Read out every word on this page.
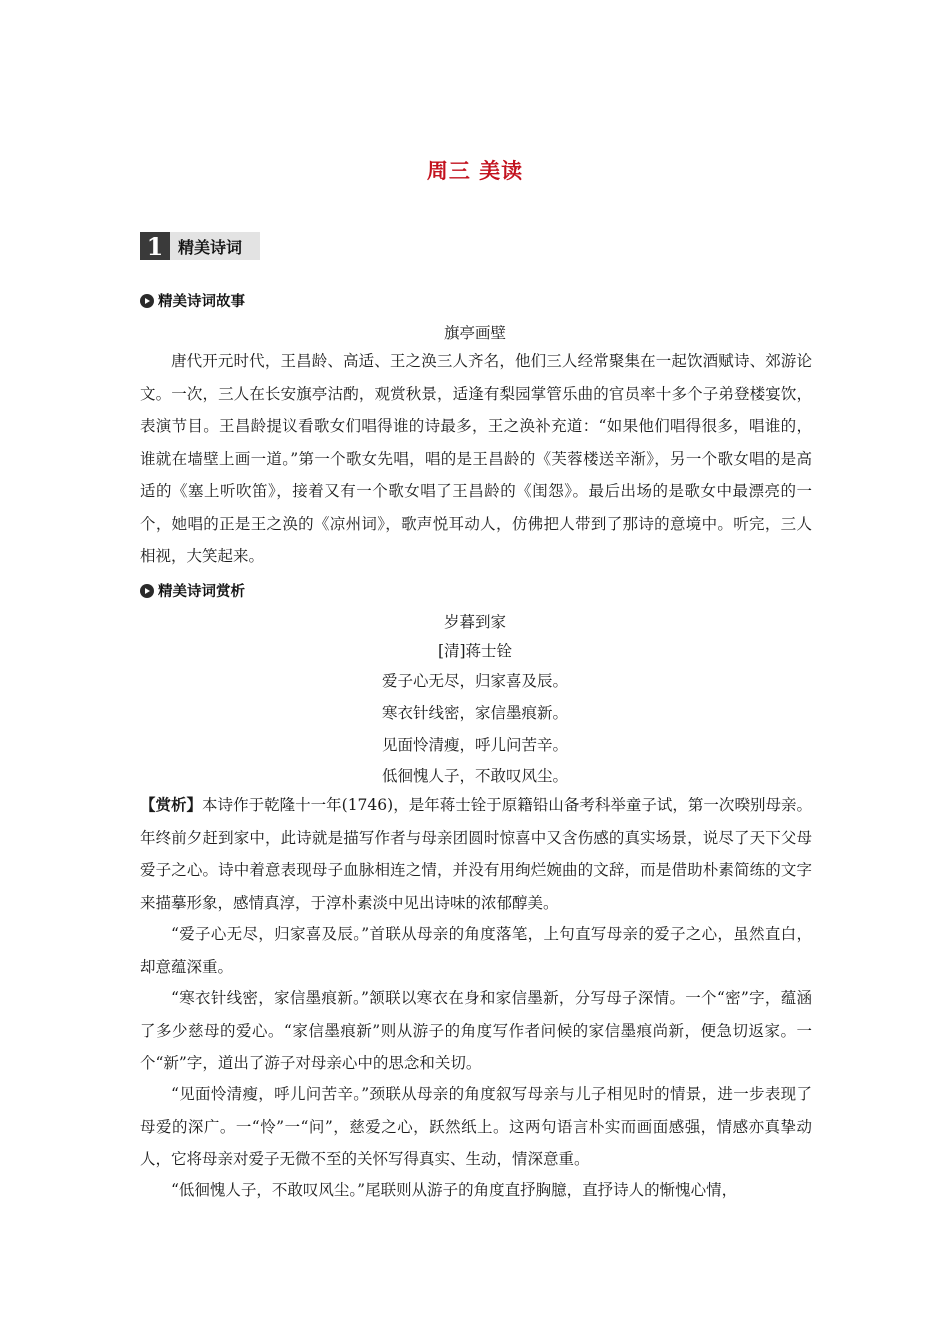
周三 美读
1 精美诗词
精美诗词故事
旗亭画壁

唐代开元时代，王昌龄、高适、王之涣三人齐名，他们三人经常聚集在一起饮酒赋诗、郊游论文。一次，三人在长安旗亭沽酌，观赏秋景，适逢有梨园掌管乐曲的官员率十多个子弟登楼宴饮，表演节目。王昌龄提议看歌女们唱得谁的诗最多，王之涣补充道：“如果他们唱得很多，唱谁的，谁就在墙壁上画一道。”第一个歌女先唱，唱的是王昌龄的《芙蓉楼送辛渐》，另一个歌女唱的是高适的《塞上听吹笛》，接着又有一个歌女唱了王昌龄的《闺怨》。最后出场的是歌女中最漂亮的一个，她唱的正是王之涣的《凉州词》，歌声悦耳动人，仿佛把人带到了那诗的意境中。听完，三人相视，大笑起来。

精美诗词赏析
岁暮到家
[清]蒋士铨
爱子心无尽，归家喜及辰。
寒衣针线密，家信墨痕新。
见面怜清瘦，呼儿问苦辛。
低徊愧人子，不敢叹风尘。

【赏析】本诗作于乾隆十一年(1746)，是年蒋士铨于原籍铅山备考科举童子试，第一次暌别母亲。年终前夕赶到家中，此诗就是描写作者与母亲团圆时惊喜中又含伤感的真实场景，说尽了天下父母爱子之心。诗中着意表现母子血脉相连之情，并没有用绚烂婉曲的文辞，而是借助朴素简练的文字来描摹形象，感情真淳，于淳朴素淡中见出诗味的浓郁醇美。

“爱子心无尽，归家喜及辰。”首联从母亲的角度落笔，上句直写母亲的爱子之心，虽然直白，却意蕴深重。

“寒衣针线密，家信墨痕新。”颔联以寒衣在身和家信墨新，分写母子深情。一个“密”字，蕴涵了多少慈母的爱心。“家信墨痕新”则从游子的角度写作者问候的家信墨痕尚新，便急切返家。一个“新”字，道出了游子对母亲心中的思念和关切。

“见面怜清瘦，呼儿问苦辛。”颈联从母亲的角度叙写母亲与儿子相见时的情景，进一步表现了母爱的深广。一“怜”一“问”，慈爱之心，跃然纸上。这两句语言朴实而画面感强，情感亦真挚动人，它将母亲对爱子无微不至的关怀写得真实、生动，情深意重。

“低徊愧人子，不敢叹风尘。”尾联则从游子的角度直抒胸臆，直抒诗人的惭愧心情，
